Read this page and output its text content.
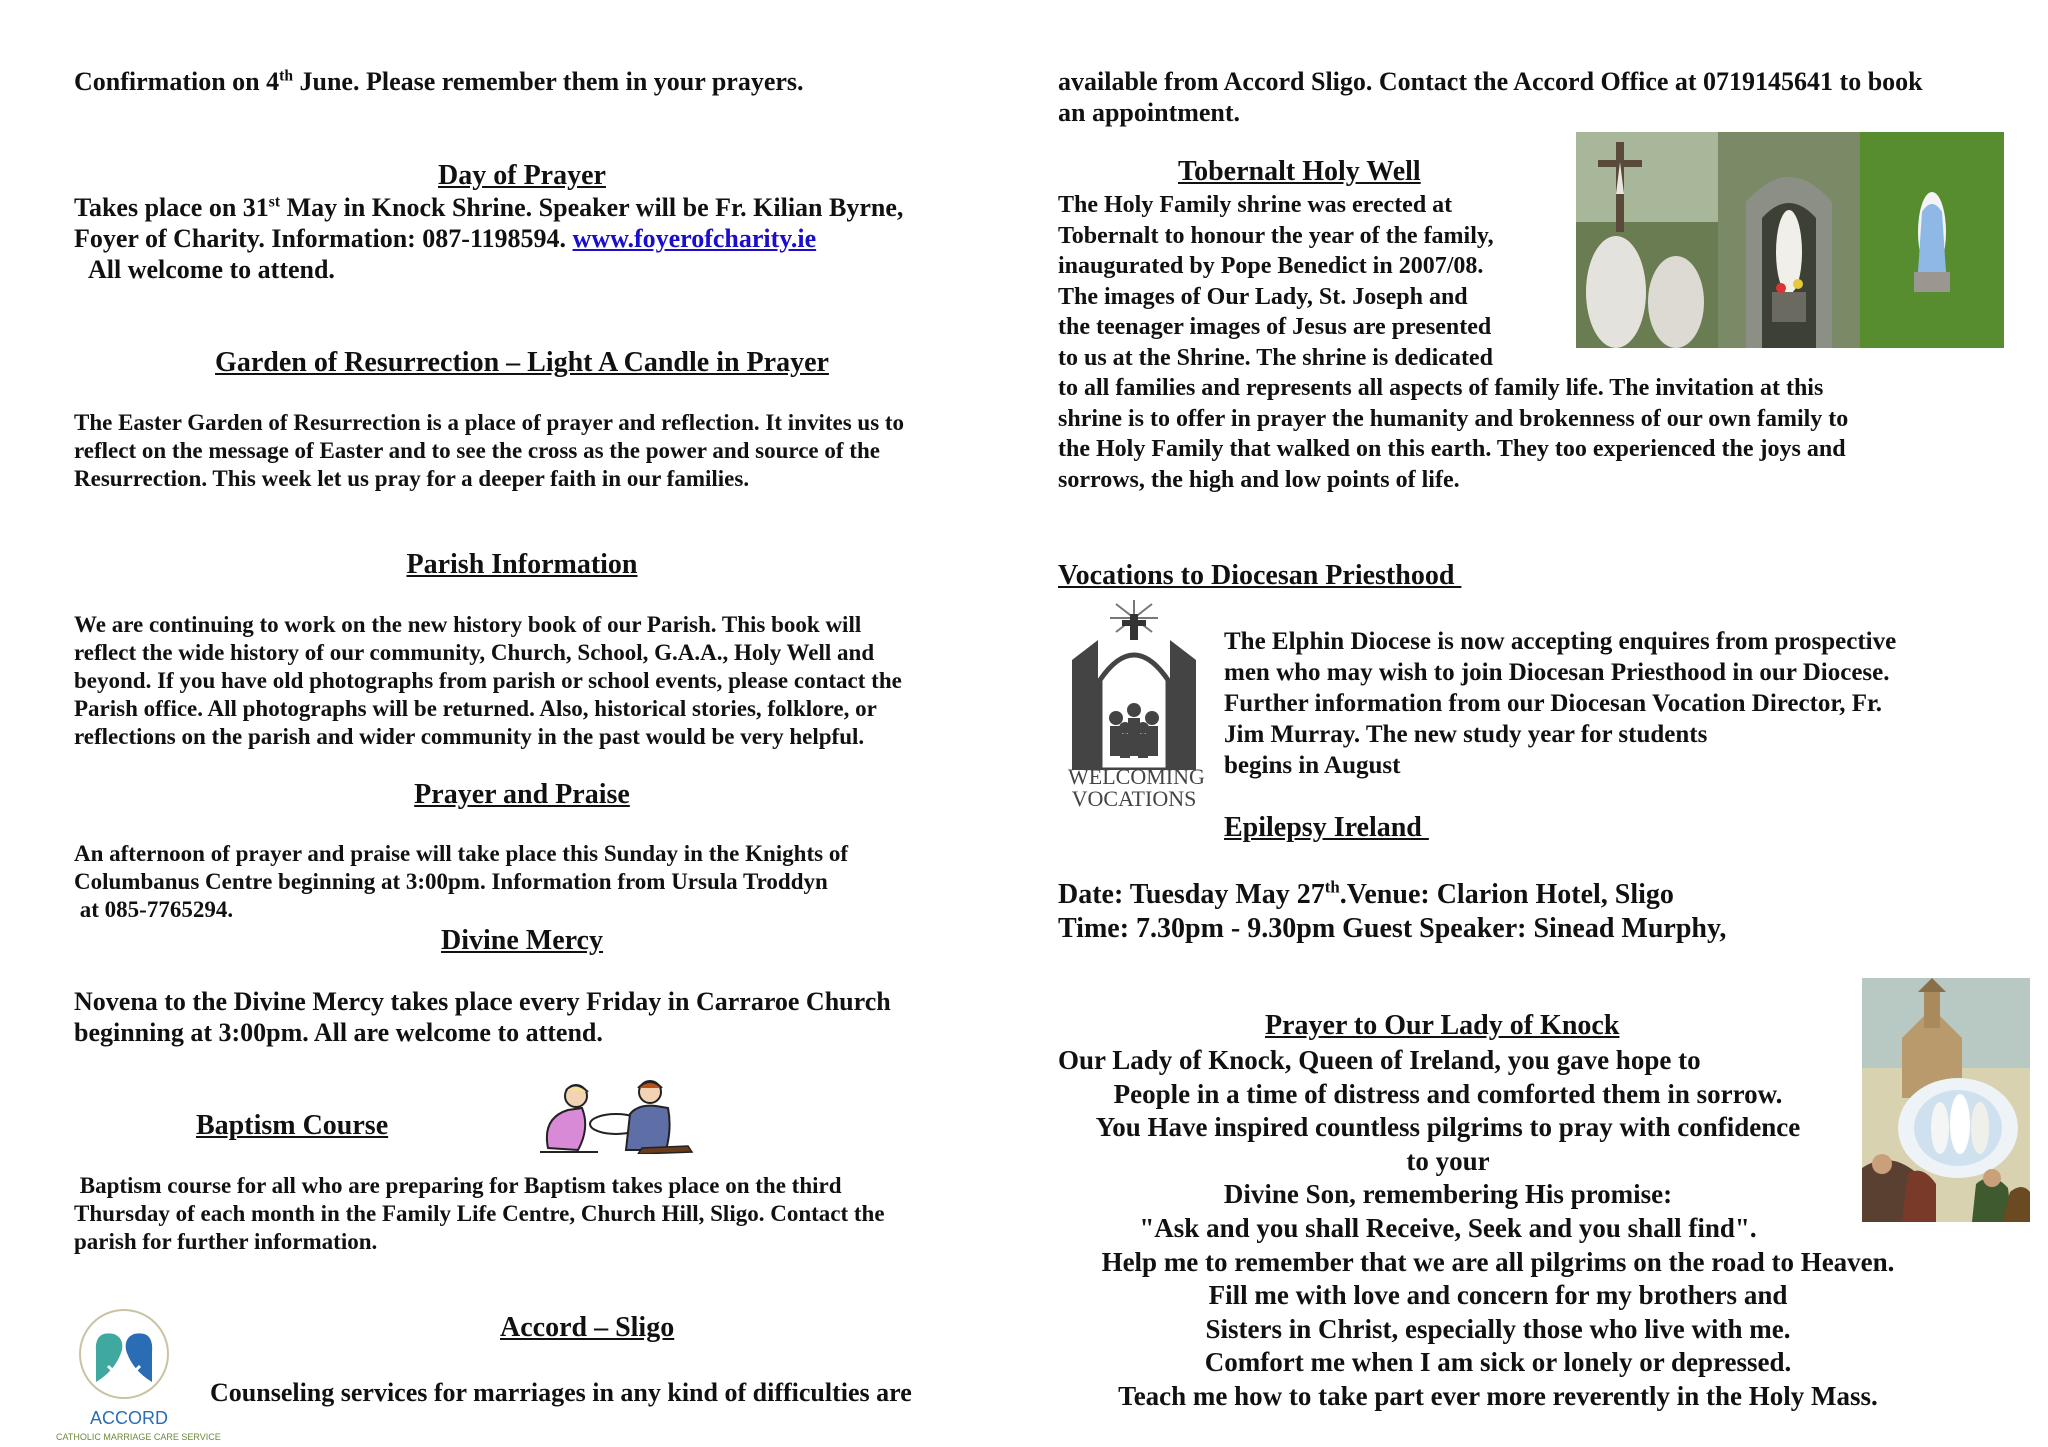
Confirmation on 4th June. Please remember them in your prayers.
Day of Prayer
Takes place on 31st May in Knock Shrine. Speaker will be Fr. Kilian Byrne,
Foyer of Charity. Information: 087-1198594. www.foyerofcharity.ie
All welcome to attend.
Garden of Resurrection – Light A Candle in Prayer
The Easter Garden of Resurrection is a place of prayer and reflection. It invites us to
reflect on the message of Easter and to see the cross as the power and source of the
Resurrection. This week let us pray for a deeper faith in our families.
Parish Information
We are continuing to work on the new history book of our Parish. This book will
reflect the wide history of our community, Church, School, G.A.A., Holy Well and
beyond. If you have old photographs from parish or school events, please contact the
Parish office. All photographs will be returned. Also, historical stories, folklore, or
reflections on the parish and wider community in the past would be very helpful.
Prayer and Praise
An afternoon of prayer and praise will take place this Sunday in the Knights of
Columbanus Centre beginning at 3:00pm. Information from Ursula Troddyn
at 085-7765294.
Divine Mercy
Novena to the Divine Mercy takes place every Friday in Carraroe Church
beginning at 3:00pm. All are welcome to attend.
Baptism Course
Baptism course for all who are preparing for Baptism takes place on the third
Thursday of each month in the Family Life Centre, Church Hill, Sligo. Contact the
parish for further information.
ACCORD
CATHOLIC MARRIAGE CARE SERVICE
Accord – Sligo
Counseling services for marriages in any kind of difficulties are
available from Accord Sligo. Contact the Accord Office at 0719145641 to book
an appointment.
Tobernalt Holy Well
The Holy Family shrine was erected at
Tobernalt to honour the year of the family,
inaugurated by Pope Benedict in 2007/08.
The images of Our Lady, St. Joseph and
the teenager images of Jesus are presented
to us at the Shrine. The shrine is dedicated
to all families and represents all aspects of family life. The invitation at this
shrine is to offer in prayer the humanity and brokenness of our own family to
the Holy Family that walked on this earth. They too experienced the joys and
sorrows, the high and low points of life.
Vocations to Diocesan Priesthood
WELCOMING
VOCATIONS
The Elphin Diocese is now accepting enquires from prospective
men who may wish to join Diocesan Priesthood in our Diocese.
Further information from our Diocesan Vocation Director, Fr.
Jim Murray. The new study year for students
begins in August
Epilepsy Ireland
Date: Tuesday May 27th.Venue: Clarion Hotel, Sligo
Time: 7.30pm - 9.30pm Guest Speaker: Sinead Murphy,
Prayer to Our Lady of Knock
Our Lady of Knock, Queen of Ireland, you gave hope to
People in a time of distress and comforted them in sorrow.
You Have inspired countless pilgrims to pray with confidence
to your
Divine Son, remembering His promise:
"Ask and you shall Receive, Seek and you shall find".
Help me to remember that we are all pilgrims on the road to Heaven.
Fill me with love and concern for my brothers and
Sisters in Christ, especially those who live with me.
Comfort me when I am sick or lonely or depressed.
Teach me how to take part ever more reverently in the Holy Mass.
